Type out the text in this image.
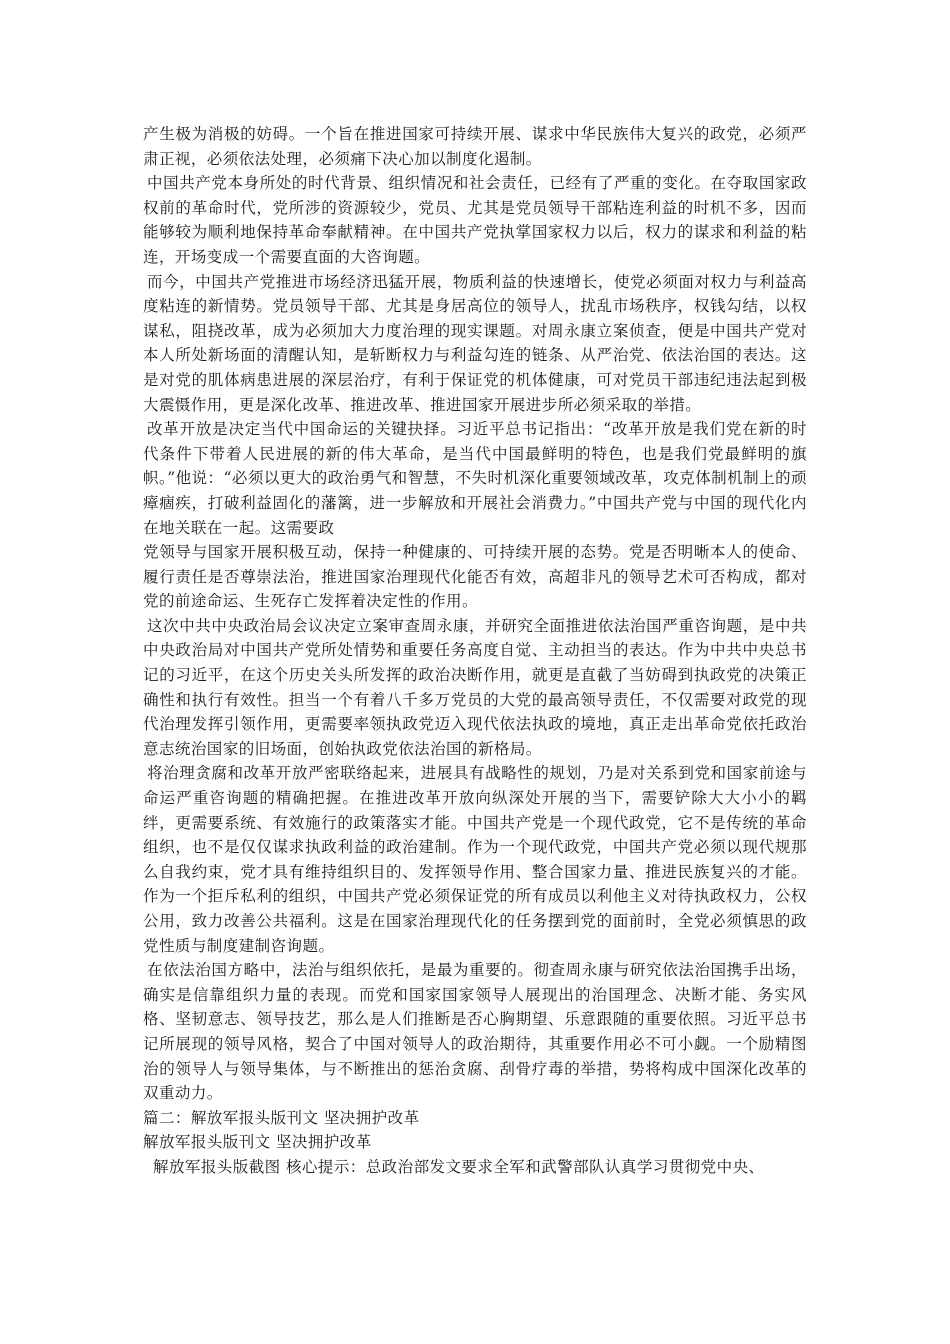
产生极为消极的妨碍。一个旨在推进国家可持续开展、谋求中华民族伟大复兴的政党，必须严肃正视，必须依法处理，必须痛下决心加以制度化遏制。

中国共产党本身所处的时代背景、组织情况和社会责任，已经有了严重的变化。在夺取国家政权前的革命时代，党所涉的资源较少，党员、尤其是党员领导干部粘连利益的时机不多，因而能够较为顺利地保持革命奉献精神。在中国共产党执掌国家权力以后，权力的谋求和利益的粘连，开场变成一个需要直面的大咨询题。

而今，中国共产党推进市场经济迅猛开展，物质利益的快速增长，使党必须面对权力与利益高度粘连的新情势。党员领导干部、尤其是身居高位的领导人，扰乱市场秩序，权钱勾结，以权谋私，阻挠改革，成为必须加大力度治理的现实课题。对周永康立案侦查，便是中国共产党对本人所处新场面的清醒认知，是斩断权力与利益勾连的链条、从严治党、依法治国的表达。这是对党的肌体病患进展的深层治疗，有利于保证党的机体健康，可对党员干部违纪违法起到极大震慑作用，更是深化改革、推进改革、推进国家开展进步所必须采取的举措。

改革开放是决定当代中国命运的关键抉择。习近平总书记指出：“改革开放是我们党在新的时代条件下带着人民进展的新的伟大革命，是当代中国最鲜明的特色，也是我们党最鲜明的旗帜。”他说：“必须以更大的政治勇气和智慧，不失时机深化重要领域改革，攻克体制机制上的顽瘴痼疾，打破利益固化的藩篱，进一步解放和开展社会消费力。”中国共产党与中国的现代化内在地关联在一起。这需要政

党领导与国家开展积极互动，保持一种健康的、可持续开展的态势。党是否明晰本人的使命、履行责任是否尊崇法治，推进国家治理现代化能否有效，高超非凡的领导艺术可否构成，都对党的前途命运、生死存亡发挥着决定性的作用。

这次中共中央政治局会议决定立案审查周永康，并研究全面推进依法治国严重咨询题，是中共中央政治局对中国共产党所处情势和重要任务高度自觉、主动担当的表达。作为中共中央总书记的习近平，在这个历史关头所发挥的政治决断作用，就更是直截了当妨碍到执政党的决策正确性和执行有效性。担当一个有着八千多万党员的大党的最高领导责任，不仅需要对政党的现代治理发挥引领作用，更需要率领执政党迈入现代依法执政的境地，真正走出革命党依托政治意志统治国家的旧场面，创始执政党依法治国的新格局。

将治理贪腐和改革开放严密联络起来，进展具有战略性的规划，乃是对关系到党和国家前途与命运严重咨询题的精确把握。在推进改革开放向纵深处开展的当下，需要铲除大大小小的羁绊，更需要系统、有效施行的政策落实才能。中国共产党是一个现代政党，它不是传统的革命组织，也不是仅仅谋求执政利益的政治建制。作为一个现代政党，中国共产党必须以现代规那么自我约束，党才具有维持组织目的、发挥领导作用、整合国家力量、推进民族复兴的才能。作为一个拒斥私利的组织，中国共产党必须保证党的所有成员以利他主义对待执政权力，公权公用，致力改善公共福利。这是在国家治理现代化的任务摆到党的面前时，全党必须慎思的政党性质与制度建制咨询题。

在依法治国方略中，法治与组织依托，是最为重要的。彻查周永康与研究依法治国携手出场，确实是信靠组织力量的表现。而党和国家国家领导人展现出的治国理念、决断才能、务实风格、坚韧意志、领导技艺，那么是人们推断是否心胸期望、乐意跟随的重要依照。习近平总书记所展现的领导风格，契合了中国对领导人的政治期待，其重要作用必不可小觑。一个励精图治的领导人与领导集体，与不断推出的惩治贪腐、刮骨疗毒的举措，势将构成中国深化改革的双重动力。

篇二：解放军报头版刊文 坚决拥护改革

解放军报头版刊文 坚决拥护改革

解放军报头版截图 核心提示：总政治部发文要求全军和武警部队认真学习贯彻党中央、
